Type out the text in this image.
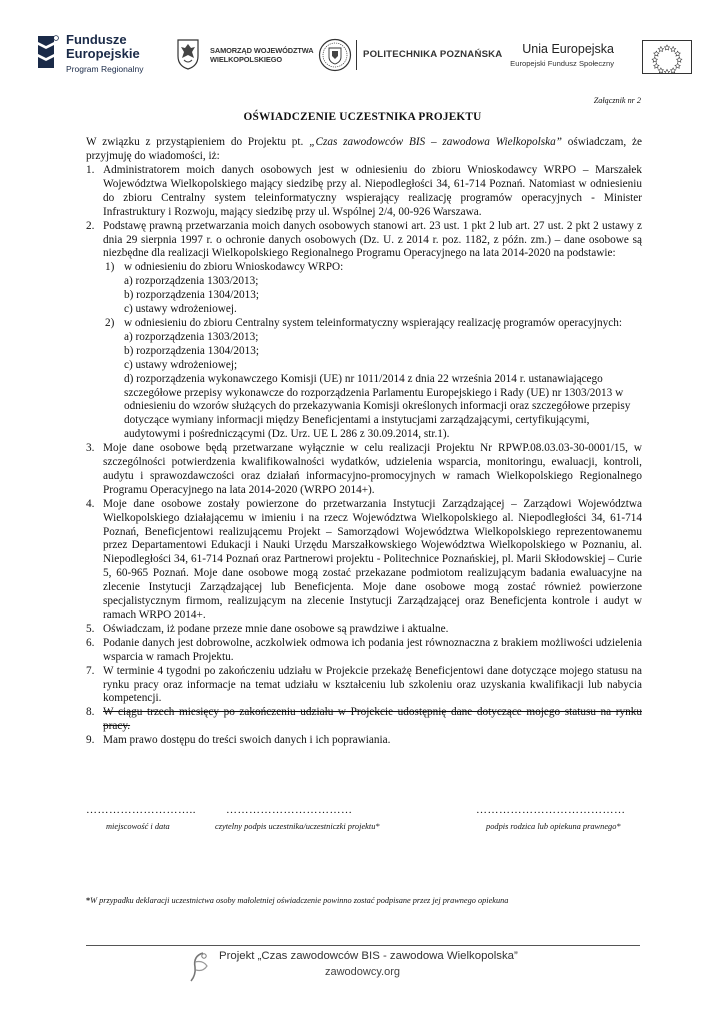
Fundusze
Europejskie
Program Regionalny
SAMORZĄD WOJEWÓDZTWA
WIELKOPOLSKIEGO	POLITECHNIKA POZNAŃSKA Unia Europejska
Europejski Fundusz Społeczny
Załącznik nr 2
OŚWIADCZENIE UCZESTNIKA PROJEKTU
W związku z przystąpieniem do Projektu pt. „Czas zawodowców BIS – zawodowa Wielkopolska” oświadczam, że przyjmuję do wiadomości, iż:
1. Administratorem moich danych osobowych jest w odniesieniu do zbioru Wnioskodawcy WRPO – Marszałek Województwa Wielkopolskiego mający siedzibę przy al. Niepodległości 34, 61-714 Poznań. Natomiast w odniesieniu do zbioru Centralny system teleinformatyczny wspierający realizację programów operacyjnych - Minister Infrastruktury i Rozwoju, mający siedzibę przy ul. Wspólnej 2/4, 00-926 Warszawa.
2. Podstawę prawną przetwarzania moich danych osobowych stanowi art. 23 ust. 1 pkt 2 lub art. 27 ust. 2 pkt 2 ustawy z dnia 29 sierpnia 1997 r. o ochronie danych osobowych (Dz. U. z 2014 r. poz. 1182, z późn. zm.) – dane osobowe są niezbędne dla realizacji Wielkopolskiego Regionalnego Programu Operacyjnego na lata 2014-2020 na podstawie:
1) w odniesieniu do zbioru Wnioskodawcy WRPO:
a) rozporządzenia 1303/2013;
b) rozporządzenia 1304/2013;
c) ustawy wdrożeniowej.
2) w odniesieniu do zbioru Centralny system teleinformatyczny wspierający realizację programów operacyjnych:
a) rozporządzenia 1303/2013;
b) rozporządzenia 1304/2013;
c) ustawy wdrożeniowej;
d) rozporządzenia wykonawczego Komisji (UE) nr 1011/2014 z dnia 22 września 2014 r. ustanawiającego szczegółowe przepisy wykonawcze do rozporządzenia Parlamentu Europejskiego i Rady (UE) nr 1303/2013 w odniesieniu do wzorów służących do przekazywania Komisji określonych informacji oraz szczegółowe przepisy dotyczące wymiany informacji między Beneficjentami a instytucjami zarządzającymi, certyfikującymi, audytowymi i pośredniczącymi (Dz. Urz. UE L 286 z 30.09.2014, str.1).
3. Moje dane osobowe będą przetwarzane wyłącznie w celu realizacji Projektu Nr RPWP.08.03.03-30-0001/15, w szczególności potwierdzenia kwalifikowalności wydatków, udzielenia wsparcia, monitoringu, ewaluacji, kontroli, audytu i sprawozdawczości oraz działań informacyjno-promocyjnych w ramach Wielkopolskiego Regionalnego Programu Operacyjnego na lata 2014-2020 (WRPO 2014+).
4. Moje dane osobowe zostały powierzone do przetwarzania Instytucji Zarządzającej – Zarządowi Województwa Wielkopolskiego działającemu w imieniu i na rzecz Województwa Wielkopolskiego al. Niepodległości 34, 61-714 Poznań, Beneficjentowi realizującemu Projekt – Samorządowi Województwa Wielkopolskiego reprezentowanemu przez Departamentowi Edukacji i Nauki Urzędu Marszałkowskiego Województwa Wielkopolskiego w Poznaniu, al. Niepodległości 34, 61-714 Poznań oraz Partnerowi projektu - Politechnice Poznańskiej, pl. Marii Skłodowskiej – Curie 5, 60-965 Poznań. Moje dane osobowe mogą zostać przekazane podmiotom realizującym badania ewaluacyjne na zlecenie Instytucji Zarządzającej lub Beneficjenta. Moje dane osobowe mogą zostać również powierzone specjalistycznym firmom, realizującym na zlecenie Instytucji Zarządzającej oraz Beneficjenta kontrole i audyt w ramach WRPO 2014+.
5. Oświadczam, iż podane przeze mnie dane osobowe są prawdziwe i aktualne.
6. Podanie danych jest dobrowolne, aczkolwiek odmowa ich podania jest równoznaczna z brakiem możliwości udzielenia wsparcia w ramach Projektu.
7. W terminie 4 tygodni po zakończeniu udziału w Projekcie przekażę Beneficjentowi dane dotyczące mojego statusu na rynku pracy oraz informacje na temat udziału w kształceniu lub szkoleniu oraz uzyskania kwalifikacji lub nabycia kompetencji.
8. W ciągu trzech miesięcy po zakończeniu udziału w Projekcie udostępnię dane dotyczące mojego statusu na rynku pracy.
9. Mam prawo dostępu do treści swoich danych i ich poprawiania.
………………………..
miejscowość i data
……………………………
czytelny podpis uczestnika/uczestniczki projektu*
…………………………………
podpis rodzica lub opiekuna prawnego*
*W przypadku deklaracji uczestnictwa osoby małoletniej oświadczenie powinno zostać podpisane przez jej prawnego opiekuna
Projekt „Czas zawodowców BIS - zawodowa Wielkopolska”
zawodowcy.org
